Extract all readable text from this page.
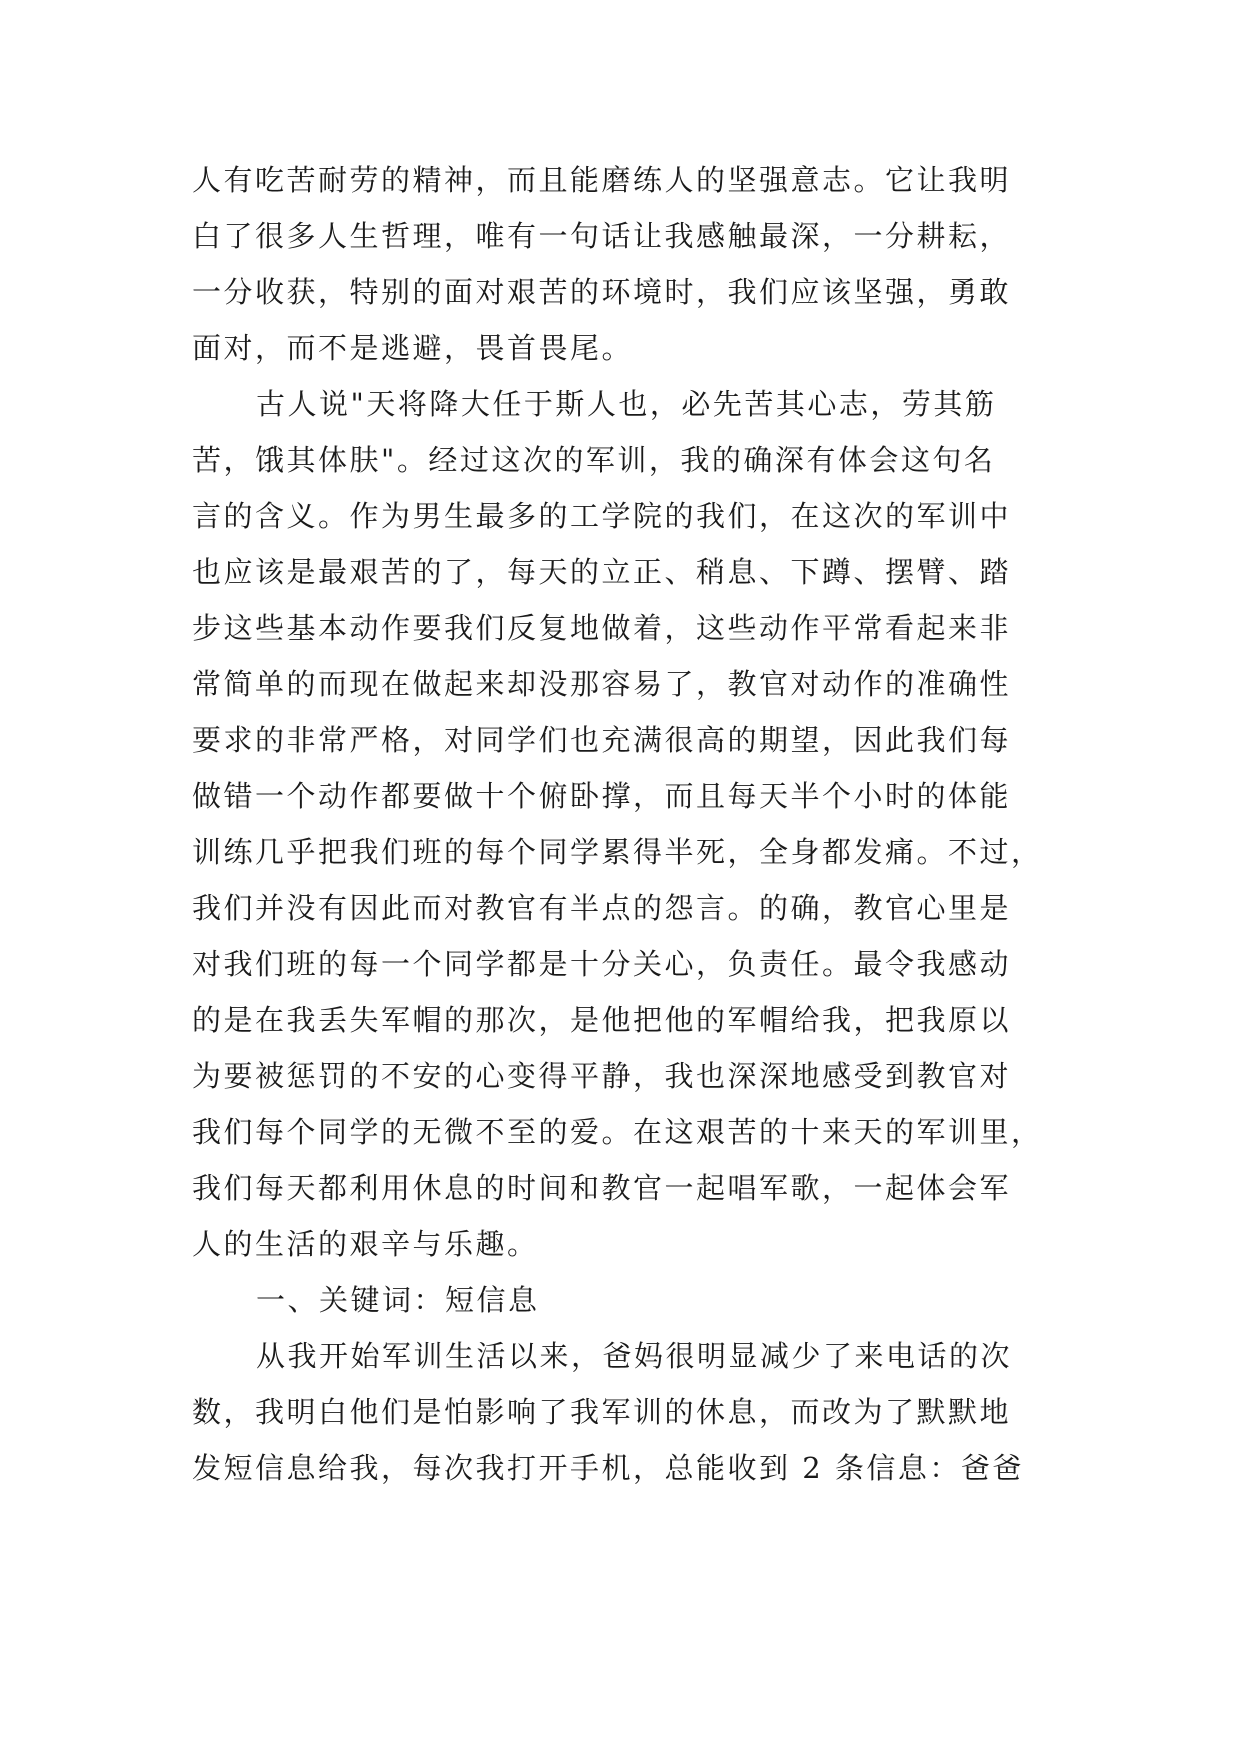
人有吃苦耐劳的精神，而且能磨练人的坚强意志。它让我明
白了很多人生哲理，唯有一句话让我感触最深，一分耕耘，
一分收获，特别的面对艰苦的环境时，我们应该坚强，勇敢
面对，而不是逃避，畏首畏尾。
古人说"天将降大任于斯人也，必先苦其心志，劳其筋
苦，饿其体肤"。经过这次的军训，我的确深有体会这句名
言的含义。作为男生最多的工学院的我们，在这次的军训中
也应该是最艰苦的了，每天的立正、稍息、下蹲、摆臂、踏
步这些基本动作要我们反复地做着，这些动作平常看起来非
常简单的而现在做起来却没那容易了，教官对动作的准确性
要求的非常严格，对同学们也充满很高的期望，因此我们每
做错一个动作都要做十个俯卧撑，而且每天半个小时的体能
训练几乎把我们班的每个同学累得半死，全身都发痛。不过，
我们并没有因此而对教官有半点的怨言。的确，教官心里是
对我们班的每一个同学都是十分关心，负责任。最令我感动
的是在我丢失军帽的那次，是他把他的军帽给我，把我原以
为要被惩罚的不安的心变得平静，我也深深地感受到教官对
我们每个同学的无微不至的爱。在这艰苦的十来天的军训里，
我们每天都利用休息的时间和教官一起唱军歌，一起体会军
人的生活的艰辛与乐趣。
一、关键词：短信息
从我开始军训生活以来，爸妈很明显减少了来电话的次
数，我明白他们是怕影响了我军训的休息，而改为了默默地
发短信息给我，每次我打开手机，总能收到 2 条信息：爸爸
